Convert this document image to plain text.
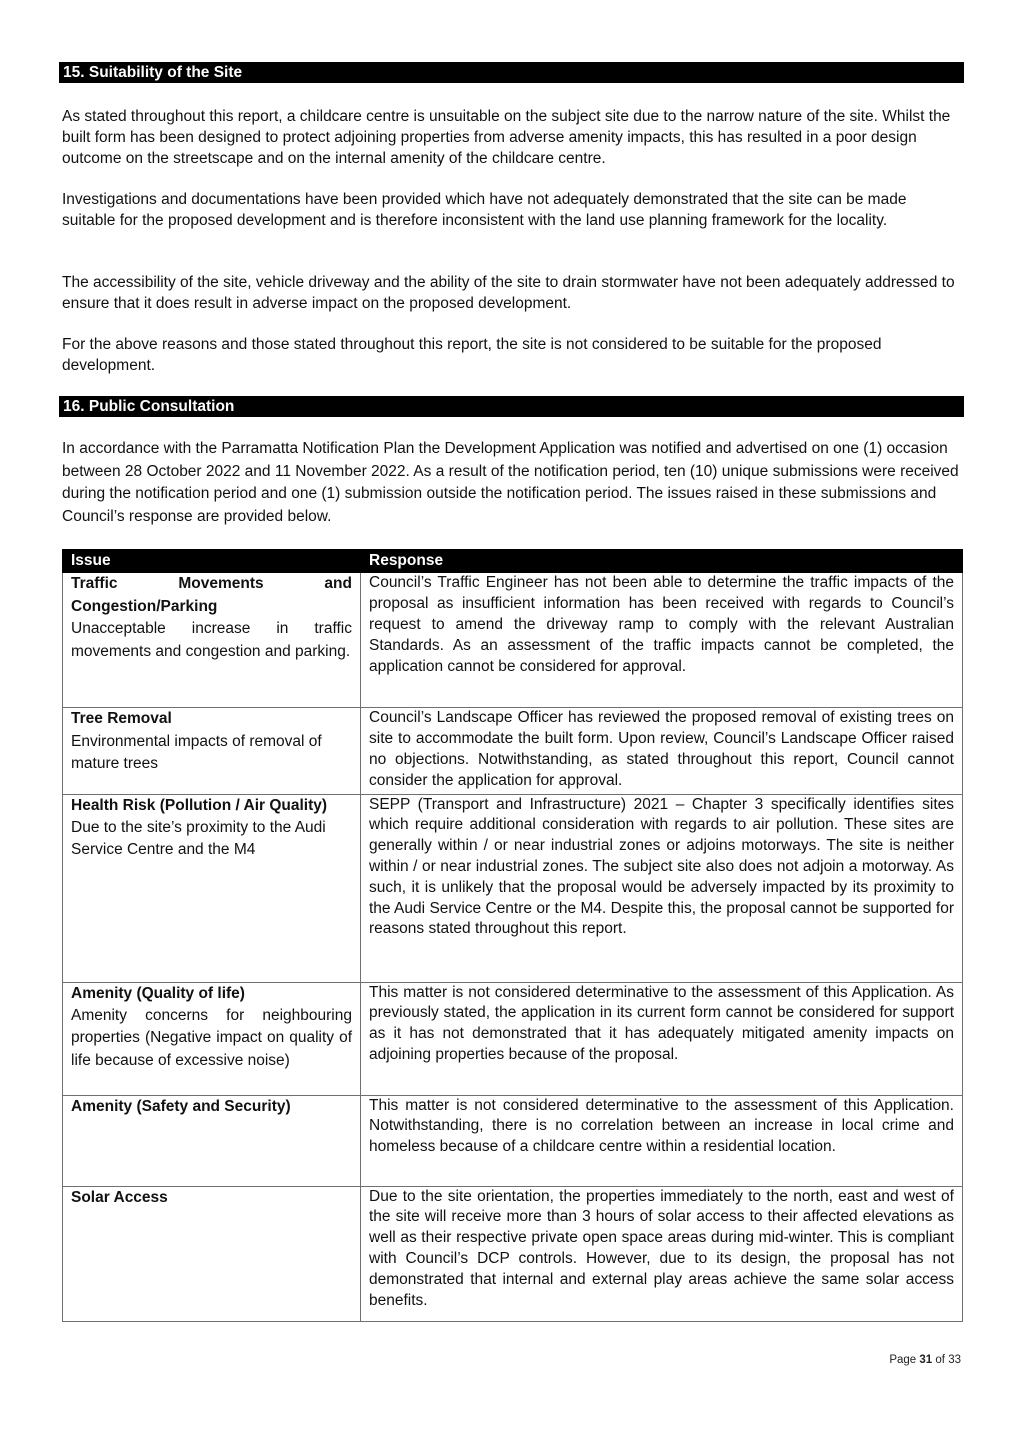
15. Suitability of the Site

As stated throughout this report, a childcare centre is unsuitable on the subject site due to the narrow nature of the site. Whilst the built form has been designed to protect adjoining properties from adverse amenity impacts, this has resulted in a poor design outcome on the streetscape and on the internal amenity of the childcare centre.

Investigations and documentations have been provided which have not adequately demonstrated that the site can be made suitable for the proposed development and is therefore inconsistent with the land use planning framework for the locality.

The accessibility of the site, vehicle driveway and the ability of the site to drain stormwater have not been adequately addressed to ensure that it does result in adverse impact on the proposed development.

For the above reasons and those stated throughout this report, the site is not considered to be suitable for the proposed development.

16. Public Consultation

In accordance with the Parramatta Notification Plan the Development Application was notified and advertised on one (1) occasion between 28 October 2022 and 11 November 2022. As a result of the notification period, ten (10) unique submissions were received during the notification period and one (1) submission outside the notification period. The issues raised in these submissions and Council’s response are provided below.

Issue	Response

Traffic Movements and Congestion/Parking
Unacceptable increase in traffic movements and congestion and parking.	Council’s Traffic Engineer has not been able to determine the traffic impacts of the proposal as insufficient information has been received with regards to Council’s request to amend the driveway ramp to comply with the relevant Australian Standards. As an assessment of the traffic impacts cannot be completed, the application cannot be considered for approval.

Tree Removal
Environmental impacts of removal of mature trees	Council’s Landscape Officer has reviewed the proposed removal of existing trees on site to accommodate the built form. Upon review, Council’s Landscape Officer raised no objections. Notwithstanding, as stated throughout this report, Council cannot consider the application for approval.

Health Risk (Pollution / Air Quality)
Due to the site’s proximity to the Audi Service Centre and the M4	SEPP (Transport and Infrastructure) 2021 – Chapter 3 specifically identifies sites which require additional consideration with regards to air pollution. These sites are generally within / or near industrial zones or adjoins motorways. The site is neither within / or near industrial zones. The subject site also does not adjoin a motorway. As such, it is unlikely that the proposal would be adversely impacted by its proximity to the Audi Service Centre or the M4. Despite this, the proposal cannot be supported for reasons stated throughout this report.

Amenity (Quality of life)
Amenity concerns for neighbouring properties (Negative impact on quality of life because of excessive noise)	This matter is not considered determinative to the assessment of this Application. As previously stated, the application in its current form cannot be considered for support as it has not demonstrated that it has adequately mitigated amenity impacts on adjoining properties because of the proposal.

Amenity (Safety and Security)	This matter is not considered determinative to the assessment of this Application. Notwithstanding, there is no correlation between an increase in local crime and homeless because of a childcare centre within a residential location.

Solar Access	Due to the site orientation, the properties immediately to the north, east and west of the site will receive more than 3 hours of solar access to their affected elevations as well as their respective private open space areas during mid-winter. This is compliant with Council’s DCP controls. However, due to its design, the proposal has not demonstrated that internal and external play areas achieve the same solar access benefits.
Page 31 of 33
